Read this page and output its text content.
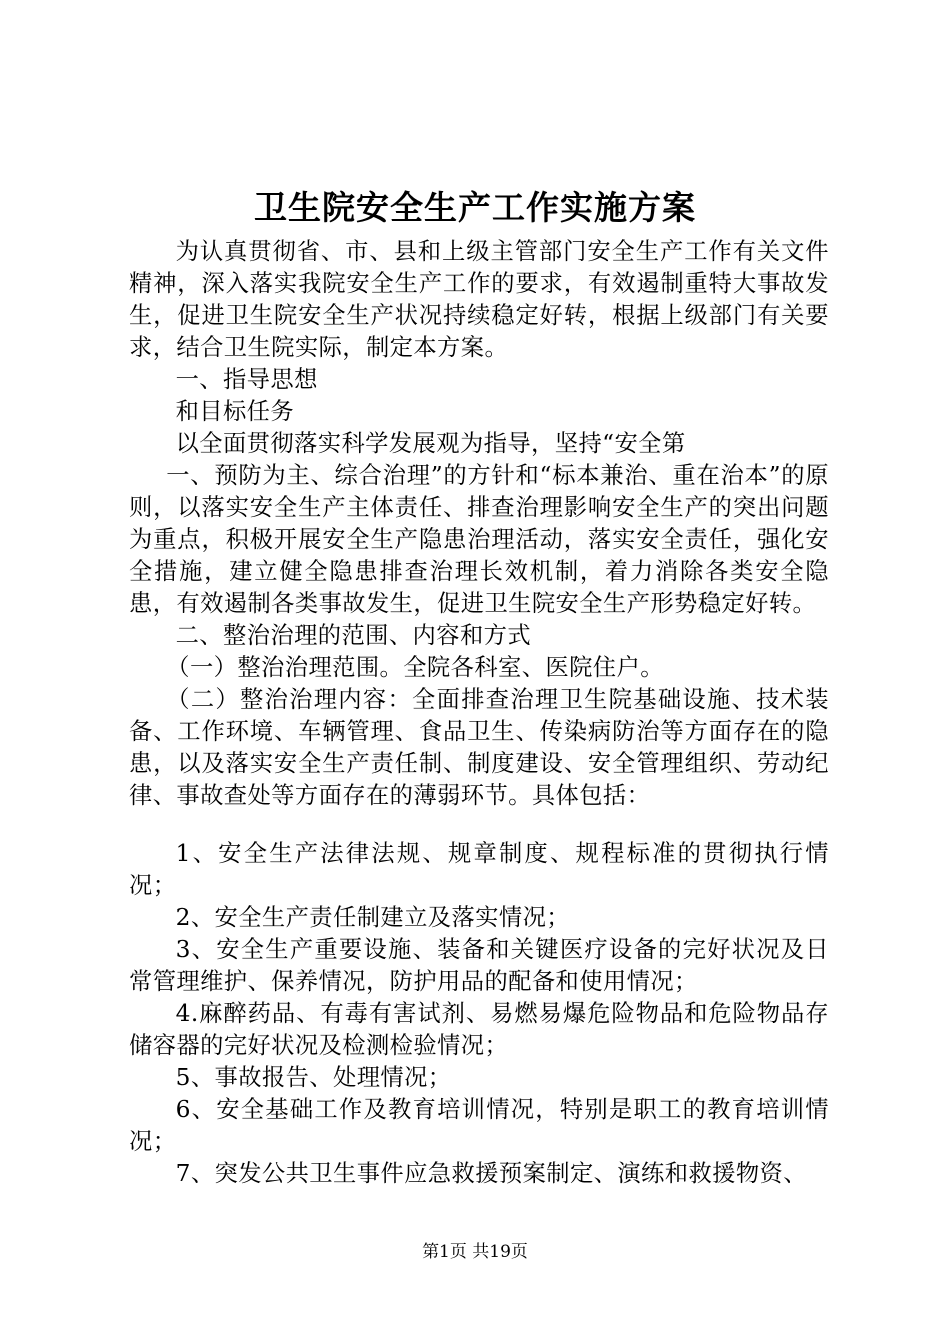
卫生院安全生产工作实施方案

为认真贯彻省、市、县和上级主管部门安全生产工作有关文件精神，深入落实我院安全生产工作的要求，有效遏制重特大事故发生，促进卫生院安全生产状况持续稳定好转，根据上级部门有关要求，结合卫生院实际，制定本方案。

一、指导思想

和目标任务

以全面贯彻落实科学发展观为指导，坚持“安全第

一、预防为主、综合治理”的方针和“标本兼治、重在治本”的原则，以落实安全生产主体责任、排查治理影响安全生产的突出问题为重点，积极开展安全生产隐患治理活动，落实安全责任，强化安全措施，建立健全隐患排查治理长效机制，着力消除各类安全隐患，有效遏制各类事故发生，促进卫生院安全生产形势稳定好转。

二、整治治理的范围、内容和方式

（一）整治治理范围。全院各科室、医院住户。

（二）整治治理内容：全面排查治理卫生院基础设施、技术装备、工作环境、车辆管理、食品卫生、传染病防治等方面存在的隐患，以及落实安全生产责任制、制度建设、安全管理组织、劳动纪律、事故查处等方面存在的薄弱环节。具体包括：

1、安全生产法律法规、规章制度、规程标准的贯彻执行情况；

2、安全生产责任制建立及落实情况；

3、安全生产重要设施、装备和关键医疗设备的完好状况及日常管理维护、保养情况，防护用品的配备和使用情况；

4.麻醉药品、有毒有害试剂、易燃易爆危险物品和危险物品存储容器的完好状况及检测检验情况；

5、事故报告、处理情况；

6、安全基础工作及教育培训情况，特别是职工的教育培训情况；

7、突发公共卫生事件应急救援预案制定、演练和救援物资、

第1页 共19页
